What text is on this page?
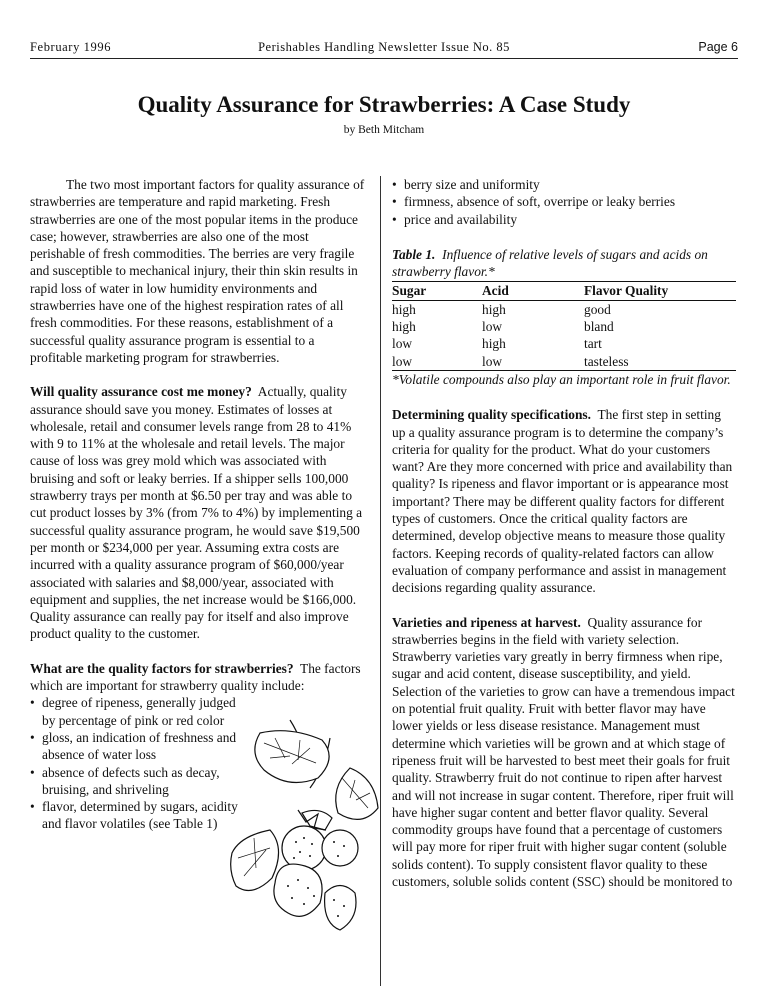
February 1996	Perishables Handling Newsletter Issue No. 85	Page 6
Quality Assurance for Strawberries: A Case Study
by Beth Mitcham

The two most important factors for quality assurance of strawberries are temperature and rapid marketing. Fresh strawberries are one of the most popular items in the produce case; however, strawberries are also one of the most perishable of fresh commodities. The berries are very fragile and susceptible to mechanical injury, their thin skin results in rapid loss of water in low humidity environments and strawberries have one of the highest respiration rates of all fresh commodities. For these reasons, establishment of a successful quality assurance program is essential to a profitable marketing program for strawberries.

Will quality assurance cost me money? Actually, quality assurance should save you money. Estimates of losses at wholesale, retail and consumer levels range from 28 to 41% with 9 to 11% at the wholesale and retail levels. The major cause of loss was grey mold which was associated with bruising and soft or leaky berries. If a shipper sells 100,000 strawberry trays per month at $6.50 per tray and was able to cut product losses by 3% (from 7% to 4%) by implementing a successful quality assurance program, he would save $19,500 per month or $234,000 per year. Assuming extra costs are incurred with a quality assurance program of $60,000/year associated with salaries and $8,000/year, associated with equipment and supplies, the net increase would be $166,000. Quality assurance can really pay for itself and also improve product quality to the customer.

What are the quality factors for strawberries? The factors which are important for strawberry quality include:

• degree of ripeness, generally judged by percentage of pink or red color
• gloss, an indication of freshness and absence of water loss
• absence of defects such as decay, bruising, and shriveling
• flavor, determined by sugars, acidity and flavor volatiles (see Table 1)
• berry size and uniformity
• firmness, absence of soft, overripe or leaky berries
• price and availability
Table 1. Influence of relative levels of sugars and acids on strawberry flavor.*
Sugar	Acid	Flavor Quality
high	high	good
high	low	bland
low	high	tart
low	low	tasteless
*Volatile compounds also play an important role in fruit flavor.

Determining quality specifications. The first step in setting up a quality assurance program is to determine the company’s criteria for quality for the product. What do your customers want? Are they more concerned with price and availability than quality? Is ripeness and flavor important or is appearance most important? There may be different quality factors for different types of customers. Once the critical quality factors are determined, develop objective means to measure those quality factors. Keeping records of quality-related factors can allow evaluation of company performance and assist in management decisions regarding quality assurance.

Varieties and ripeness at harvest. Quality assurance for strawberries begins in the field with variety selection. Strawberry varieties vary greatly in berry firmness when ripe, sugar and acid content, disease susceptibility, and yield. Selection of the varieties to grow can have a tremendous impact on potential fruit quality. Fruit with better flavor may have lower yields or less disease resistance. Management must determine which varieties will be grown and at which stage of ripeness fruit will be harvested to best meet their goals for fruit quality. Strawberry fruit do not continue to ripen after harvest and will not increase in sugar content. Therefore, riper fruit will have higher sugar content and better flavor quality. Several commodity groups have found that a percentage of customers will pay more for riper fruit with higher sugar content (soluble solids content). To supply consistent flavor quality to these customers, soluble solids content (SSC) should be monitored to
